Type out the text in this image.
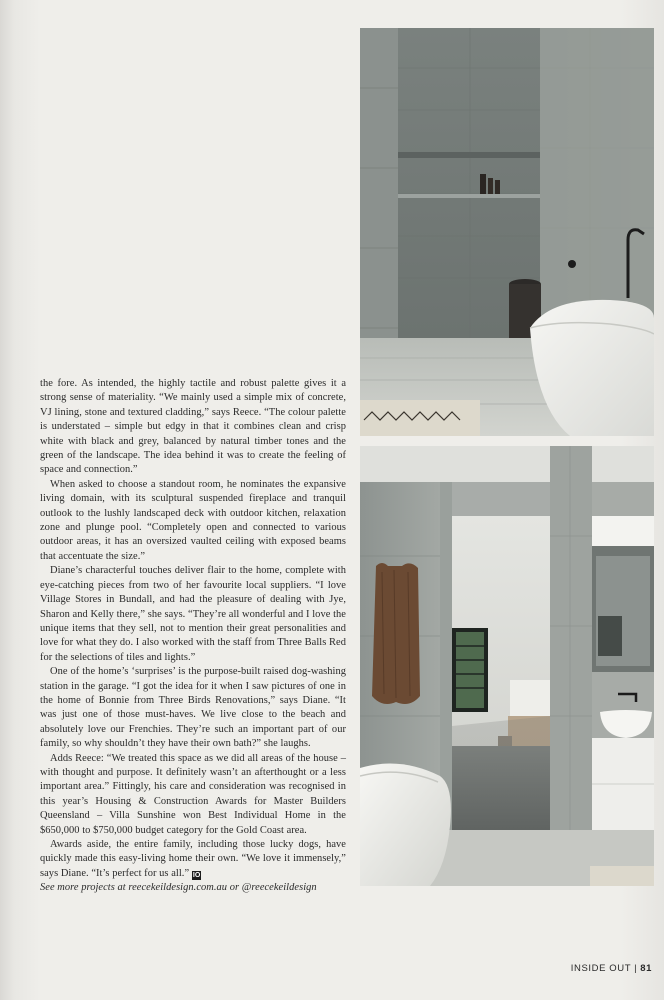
the fore. As intended, the highly tactile and robust palette gives it a strong sense of materiality. “We mainly used a simple mix of concrete, VJ lining, stone and textured cladding,” says Reece. “The colour palette is understated – simple but edgy in that it combines clean and crisp white with black and grey, balanced by natural timber tones and the green of the landscape. The idea behind it was to create the feeling of space and connection.”

When asked to choose a standout room, he nominates the expansive living domain, with its sculptural suspended fireplace and tranquil outlook to the lushly landscaped deck with outdoor kitchen, relaxation zone and plunge pool. “Completely open and connected to various outdoor areas, it has an oversized vaulted ceiling with exposed beams that accentuate the size.”

Diane’s characterful touches deliver flair to the home, complete with eye-catching pieces from two of her favourite local suppliers. “I love Village Stores in Bundall, and had the pleasure of dealing with Jye, Sharon and Kelly there,” she says. “They’re all wonderful and I love the unique items that they sell, not to mention their great personalities and love for what they do. I also worked with the staff from Three Balls Red for the selections of tiles and lights.”

One of the home’s ‘surprises’ is the purpose-built raised dog-washing station in the garage. “I got the idea for it when I saw pictures of one in the home of Bonnie from Three Birds Renovations,” says Diane. “It was just one of those must-haves. We live close to the beach and absolutely love our Frenchies. They’re such an important part of our family, so why shouldn’t they have their own bath?” she laughs.

Adds Reece: “We treated this space as we did all areas of the house – with thought and purpose. It definitely wasn’t an afterthought or a less important area.” Fittingly, his care and consideration was recognised in this year’s Housing & Construction Awards for Master Builders Queensland – Villa Sunshine won Best Individual Home in the $650,000 to $750,000 budget category for the Gold Coast area.

Awards aside, the entire family, including those lucky dogs, have quickly made this easy-living home their own. “We love it immensely,” says Diane. “It’s perfect for us all.” IO

See more projects at reecekeildesign.com.au or @reecekeildesign

INSIDE OUT | 81
